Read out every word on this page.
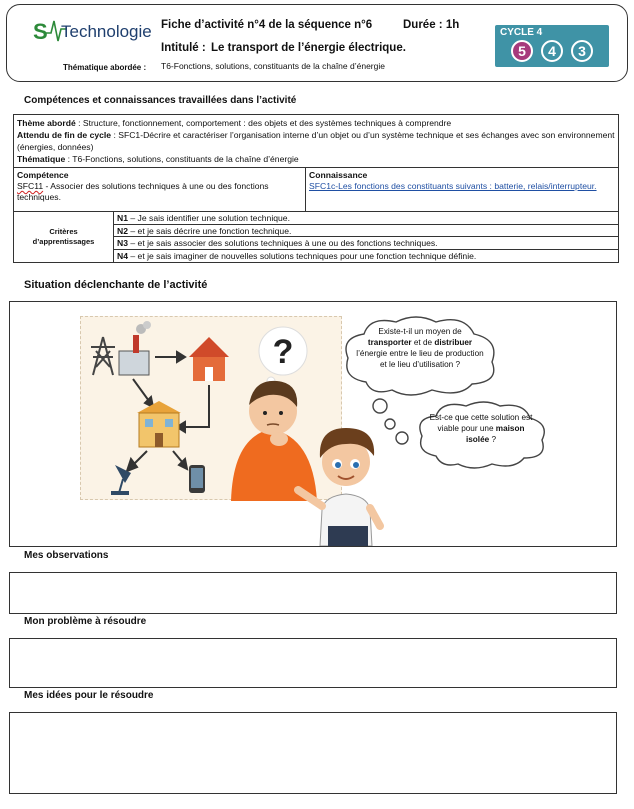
S Technologie Fiche d’activité n°4 de la séquence n°6	Durée : 1h
Intitulé : Le transport de l’énergie électrique.
Thématique abordée : T6-Fonctions, solutions, constituants de la chaîne d’énergie
CYCLE 4
5	4	3
Compétences et connaissances travaillées dans l’activité
Thème abordé : Structure, fonctionnement, comportement : des objets et des systèmes techniques à comprendre
Attendu de fin de cycle : SFC1-Décrire et caractériser l’organisation interne d’un objet ou d’un système technique et ses échanges avec son environnement (énergies, données)
Thématique : T6-Fonctions, solutions, constituants de la chaîne d’énergie
Compétence
SFC11 - Associer des solutions techniques à une ou des fonctions techniques.
Connaissance
SFC1c-Les fonctions des constituants suivants : batterie, relais/interrupteur.
Critères
d’apprentissages
N1 – Je sais identifier une solution technique.
N2 – et je sais décrire une fonction technique.
N3 – et je sais associer des solutions techniques à une ou des fonctions techniques.
N4 – et je sais imaginer de nouvelles solutions techniques pour une fonction technique définie.
Situation déclenchante de l’activité
?
Existe-t-il un moyen de transporter et de distribuer l’énergie entre le lieu de production et le lieu d’utilisation ?
Est-ce que cette solution est viable pour une maison isolée ?
Mes observations
Mon problème à résoudre
Mes idées pour le résoudre
